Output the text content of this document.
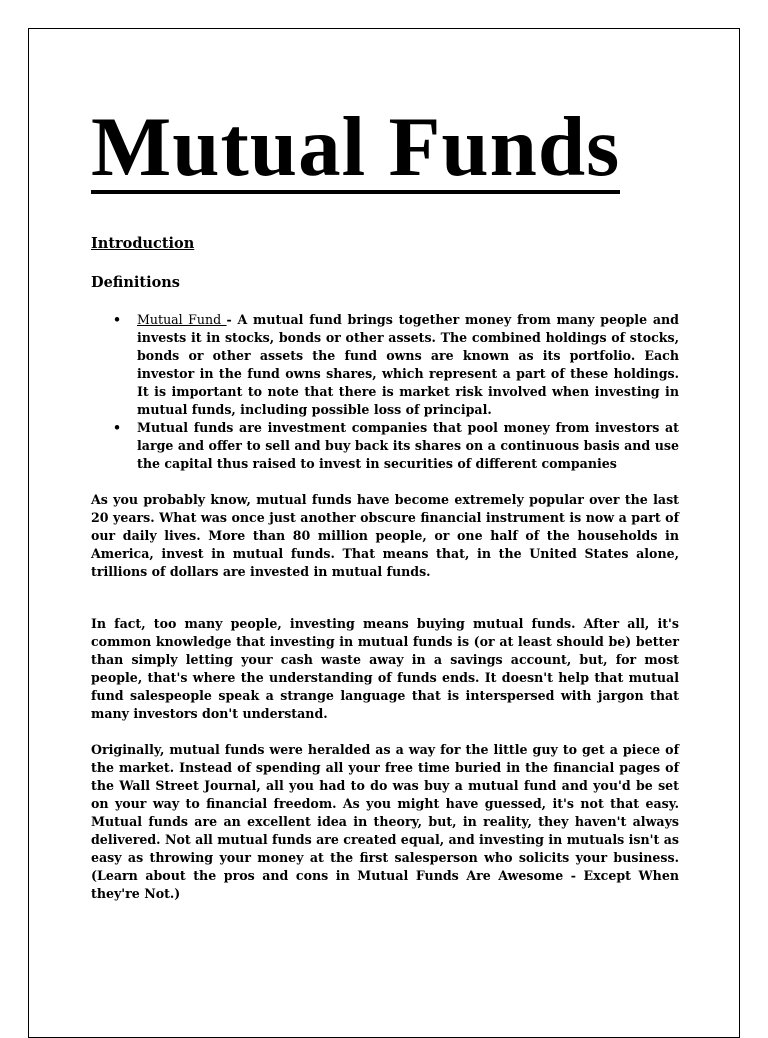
Mutual Funds
Introduction
Definitions
• Mutual Fund - A mutual fund brings together money from many people and invests it in stocks, bonds or other assets. The combined holdings of stocks, bonds or other assets the fund owns are known as its portfolio. Each investor in the fund owns shares, which represent a part of these holdings. It is important to note that there is market risk involved when investing in mutual funds, including possible loss of principal.
• Mutual funds are investment companies that pool money from investors at large and offer to sell and buy back its shares on a continuous basis and use the capital thus raised to invest in securities of different companies

As you probably know, mutual funds have become extremely popular over the last 20 years. What was once just another obscure financial instrument is now a part of our daily lives. More than 80 million people, or one half of the households in America, invest in mutual funds. That means that, in the United States alone, trillions of dollars are invested in mutual funds.

In fact, too many people, investing means buying mutual funds. After all, it's common knowledge that investing in mutual funds is (or at least should be) better than simply letting your cash waste away in a savings account, but, for most people, that's where the understanding of funds ends. It doesn't help that mutual fund salespeople speak a strange language that is interspersed with jargon that many investors don't understand.

Originally, mutual funds were heralded as a way for the little guy to get a piece of the market. Instead of spending all your free time buried in the financial pages of the Wall Street Journal, all you had to do was buy a mutual fund and you'd be set on your way to financial freedom. As you might have guessed, it's not that easy. Mutual funds are an excellent idea in theory, but, in reality, they haven't always delivered. Not all mutual funds are created equal, and investing in mutuals isn't as easy as throwing your money at the first salesperson who solicits your business. (Learn about the pros and cons in Mutual Funds Are Awesome - Except When they're Not.)
